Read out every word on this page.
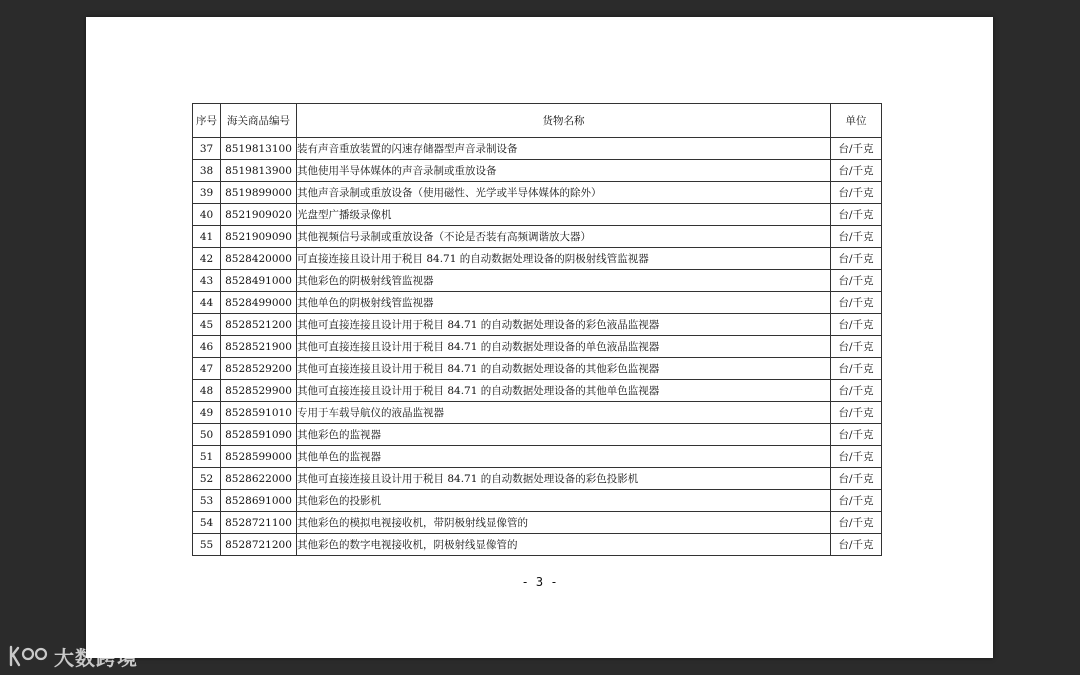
序号	海关商品编号	货物名称	单位
37	8519813100	装有声音重放装置的闪速存储器型声音录制设备	台/千克
38	8519813900	其他使用半导体媒体的声音录制或重放设备	台/千克
39	8519899000	其他声音录制或重放设备（使用磁性、光学或半导体媒体的除外）	台/千克
40	8521909020	光盘型广播级录像机	台/千克
41	8521909090	其他视频信号录制或重放设备（不论是否装有高频调谐放大器）	台/千克
42	8528420000	可直接连接且设计用于税目 84.71 的自动数据处理设备的阴极射线管监视器	台/千克
43	8528491000	其他彩色的阴极射线管监视器	台/千克
44	8528499000	其他单色的阴极射线管监视器	台/千克
45	8528521200	其他可直接连接且设计用于税目 84.71 的自动数据处理设备的彩色液晶监视器	台/千克
46	8528521900	其他可直接连接且设计用于税目 84.71 的自动数据处理设备的单色液晶监视器	台/千克
47	8528529200	其他可直接连接且设计用于税目 84.71 的自动数据处理设备的其他彩色监视器	台/千克
48	8528529900	其他可直接连接且设计用于税目 84.71 的自动数据处理设备的其他单色监视器	台/千克
49	8528591010	专用于车载导航仪的液晶监视器	台/千克
50	8528591090	其他彩色的监视器	台/千克
51	8528599000	其他单色的监视器	台/千克
52	8528622000	其他可直接连接且设计用于税目 84.71 的自动数据处理设备的彩色投影机	台/千克
53	8528691000	其他彩色的投影机	台/千克
54	8528721100	其他彩色的模拟电视接收机，带阴极射线显像管的	台/千克
55	8528721200	其他彩色的数字电视接收机，阴极射线显像管的	台/千克
- 3 -
大数跨境
